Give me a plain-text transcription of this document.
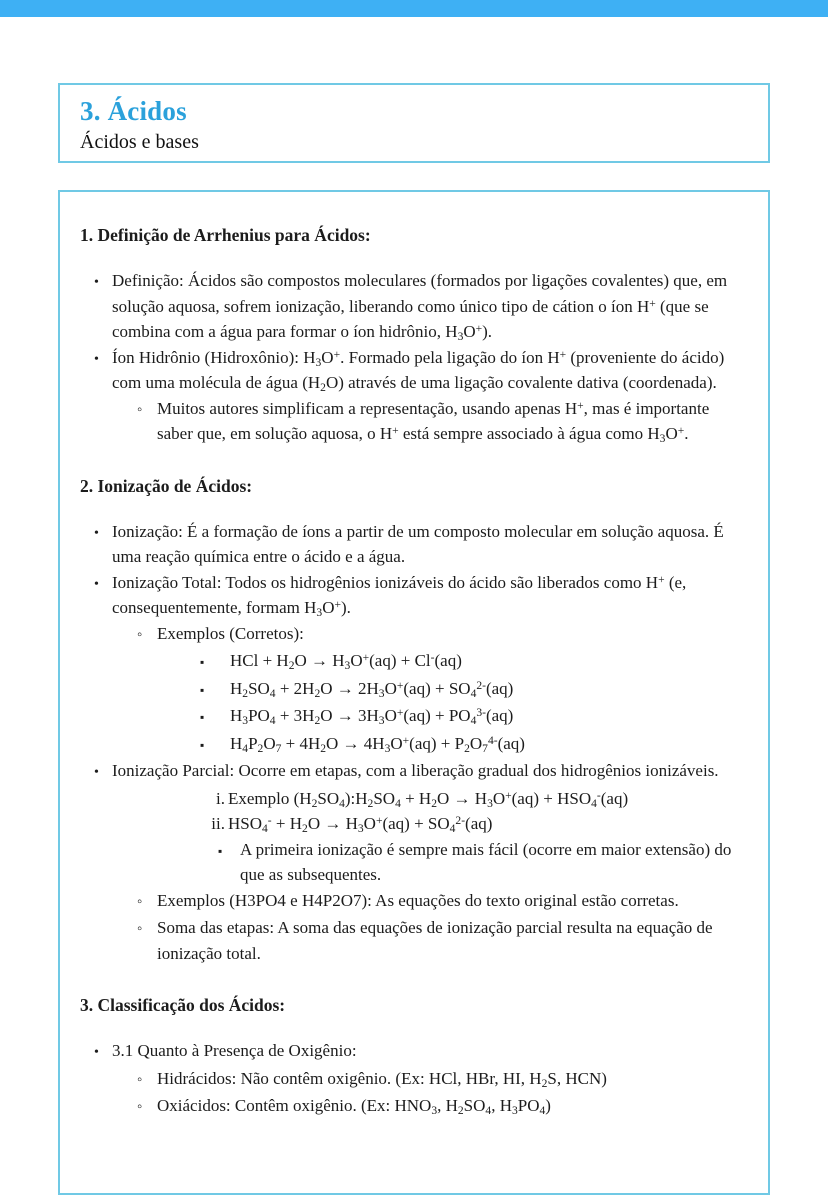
3. Ácidos
Ácidos e bases
1. Definição de Arrhenius para Ácidos:
• Definição: Ácidos são compostos moleculares (formados por ligações covalentes) que, em solução aquosa, sofrem ionização, liberando como único tipo de cátion o íon H+ (que se combina com a água para formar o íon hidrônio, $H_3O^+$).
• Íon Hidrônio (Hidroxônio): $H_3O^+$. Formado pela ligação do íon H+ (proveniente do ácido) com uma molécula de água $(H_2O)$ através de uma ligação covalente dativa (coordenada).
◦ Muitos autores simplificam a representação, usando apenas H+, mas é importante saber que, em solução aquosa, o H+ está sempre associado à água como $H_3O^+$.
2. Ionização de Ácidos:
• Ionização: É a formação de íons a partir de um composto molecular em solução aquosa. É uma reação química entre o ácido e a água.
• Ionização Total: Todos os hidrogênios ionizáveis do ácido são liberados como H+ (e, consequentemente, formam $H_3O^+$).
◦ Exemplos (Corretos):
▪	HCl + $H_2O \to H_3O^+(aq) + Cl^-(aq)$
▪	$H_2SO_4 + 2H_2O \to 2H_3O^+(aq) + SO_4^{2-}(aq)$
▪	$H_3PO_4 + 3H_2O \to 3H_3O^+(aq) + PO_4^{3-}(aq)$
▪	$H_4P_2O_7 + 4H_2O \to 4H_3O^+(aq) + P_2O_7^{4-}(aq)$
• Ionização Parcial: Ocorre em etapas, com a liberação gradual dos hidrogênios ionizáveis.
i. Exemplo $(H_2SO_4):H_2SO_4 + H_2O \to H_3O^+(aq) + HSO_4^-(aq)$
ii. $HSO_4^- + H_2O \to H_3O^+(aq) + SO_4^{2-}(aq)$
▪	A primeira ionização é sempre mais fácil (ocorre em maior extensão) do que as subsequentes.
◦ Exemplos (H3PO4 e H4P2O7): As equações do texto original estão corretas.
◦ Soma das etapas: A soma das equações de ionização parcial resulta na equação de ionização total.
3. Classificação dos Ácidos:
• 3.1 Quanto à Presença de Oxigênio:
◦ Hidrácidos: Não contêm oxigênio. (Ex: HCl, HBr, HI, $H_2S$, HCN)
◦ Oxiácidos: Contêm oxigênio. (Ex: $HNO_3$, $H_2SO_4$, $H_3PO_4$)
